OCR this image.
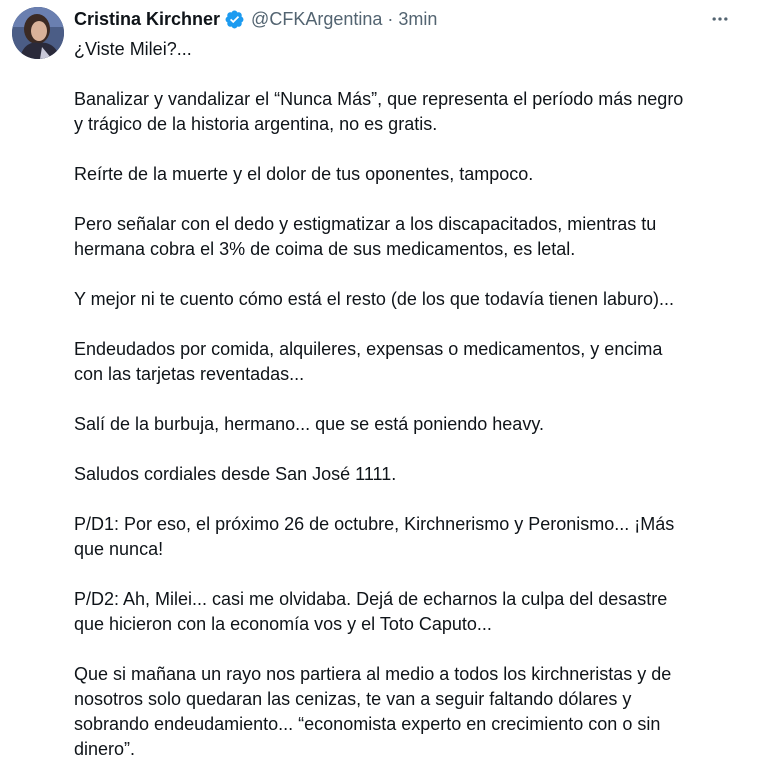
Cristina Kirchner @CFKArgentina · 3min

¿Viste Milei?...

Banalizar y vandalizar el “Nunca Más”, que representa el período más negro
y trágico de la historia argentina, no es gratis.

Reírte de la muerte y el dolor de tus oponentes, tampoco.

Pero señalar con el dedo y estigmatizar a los discapacitados, mientras tu
hermana cobra el 3% de coima de sus medicamentos, es letal.

Y mejor ni te cuento cómo está el resto (de los que todavía tienen laburo)...

Endeudados por comida, alquileres, expensas o medicamentos, y encima
con las tarjetas reventadas...

Salí de la burbuja, hermano... que se está poniendo heavy.

Saludos cordiales desde San José 1111.

P/D1: Por eso, el próximo 26 de octubre, Kirchnerismo y Peronismo... ¡Más
que nunca!

P/D2: Ah, Milei... casi me olvidaba. Dejá de echarnos la culpa del desastre
que hicieron con la economía vos y el Toto Caputo...

Que si mañana un rayo nos partiera al medio a todos los kirchneristas y de
nosotros solo quedaran las cenizas, te van a seguir faltando dólares y
sobrando endeudamiento... “economista experto en crecimiento con o sin
dinero”.
